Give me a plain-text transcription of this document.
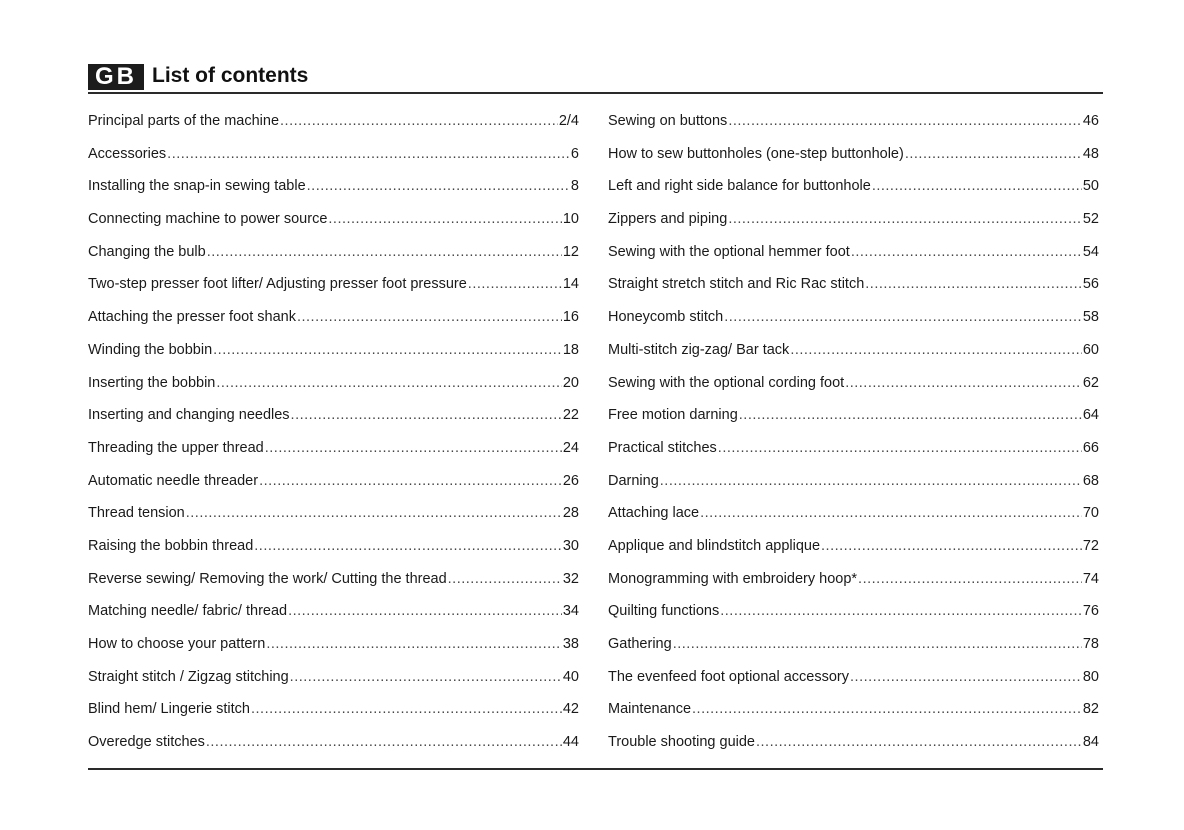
GB List of contents
Principal parts of the machine .....	2/4
Accessories .....	6
Installing the snap-in sewing table .....	8
Connecting machine to power source .....	10
Changing the bulb .....	12
Two-step presser foot lifter/ Adjusting presser foot pressure .....	14
Attaching the presser foot shank .....	16
Winding the bobbin .....	18
Inserting the bobbin .....	20
Inserting and changing needles .....	22
Threading the upper thread .....	24
Automatic needle threader .....	26
Thread tension .....	28
Raising the bobbin thread .....	30
Reverse sewing/ Removing the work/ Cutting the thread .....	32
Matching needle/ fabric/ thread .....	34
How to choose your pattern .....	38
Straight stitch / Zigzag stitching .....	40
Blind hem/ Lingerie stitch .....	42
Overedge stitches .....	44
Sewing on buttons .....	46
How to sew buttonholes (one-step buttonhole) .....	48
Left and right side balance for buttonhole .....	50
Zippers and piping .....	52
Sewing with the optional hemmer foot .....	54
Straight stretch stitch and Ric Rac stitch .....	56
Honeycomb stitch .....	58
Multi-stitch zig-zag/ Bar tack .....	60
Sewing with the optional cording foot .....	62
Free motion darning .....	64
Practical stitches .....	66
Darning .....	68
Attaching lace .....	70
Applique and blindstitch applique .....	72
Monogramming with embroidery hoop* .....	74
Quilting functions .....	76
Gathering .....	78
The evenfeed foot optional accessory .....	80
Maintenance .....	82
Trouble shooting guide .....	84
